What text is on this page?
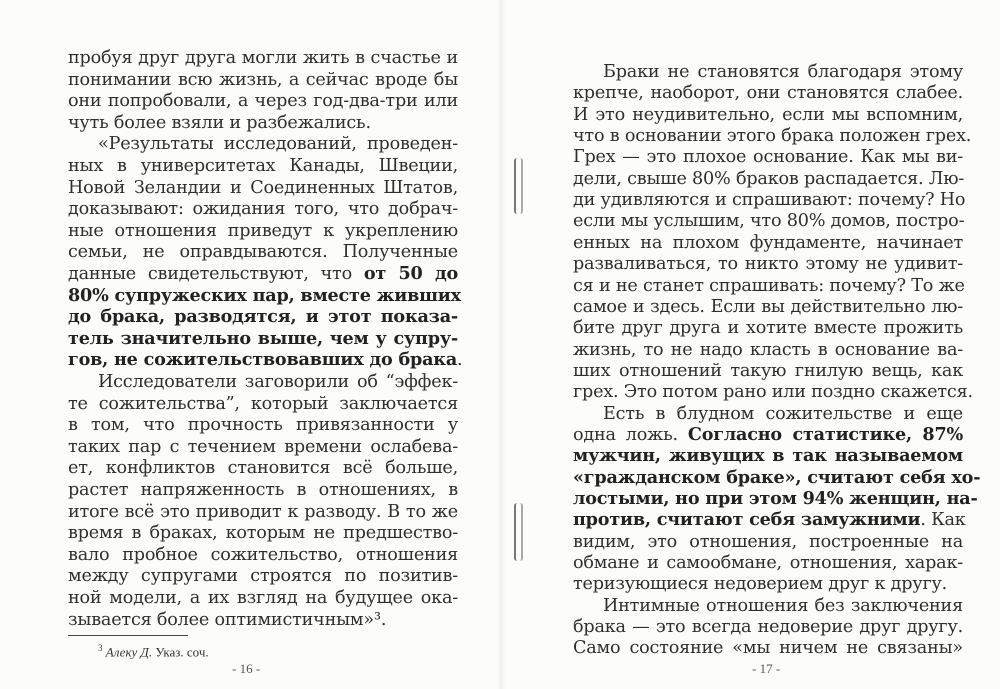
пробуя друг друга могли жить в счастье и
понимании всю жизнь, а сейчас вроде бы
они попробовали, а через год-два-три или
чуть более взяли и разбежались.
«Результаты исследований, проведен-
ных в университетах Канады, Швеции,
Новой Зеландии и Соединенных Штатов,
доказывают: ожидания того, что добрач-
ные отношения приведут к укреплению
семьи, не оправдываются. Полученные
данные свидетельствуют, что от 50 до
80% супружеских пар, вместе живших
до брака, разводятся, и этот показа-
тель значительно выше, чем у супру-
гов, не сожительствовавших до брака.
Исследователи заговорили об “эффек-
те сожительства”, который заключается
в том, что прочность привязанности у
таких пар с течением времени ослабева-
ет, конфликтов становится всё больше,
растет напряженность в отношениях, в
итоге всё это приводит к разводу. В то же
время в браках, которым не предшество-
вало пробное сожительство, отношения
между супругами строятся по позитив-
ной модели, а их взгляд на будущее ока-
зывается более оптимистичным»³.
$^3$ Алеку Д. Указ. соч.
- 16 -
Браки не становятся благодаря этому
крепче, наоборот, они становятся слабее.
И это неудивительно, если мы вспомним,
что в основании этого брака положен грех.
Грех — это плохое основание. Как мы ви-
дели, свыше 80% браков распадается. Лю-
ди удивляются и спрашивают: почему? Но
если мы услышим, что 80% домов, постро-
енных на плохом фундаменте, начинает
разваливаться, то никто этому не удивит-
ся и не станет спрашивать: почему? То же
самое и здесь. Если вы действительно лю-
бите друг друга и хотите вместе прожить
жизнь, то не надо класть в основание ва-
ших отношений такую гнилую вещь, как
грех. Это потом рано или поздно скажется.
Есть в блудном сожительстве и еще
одна ложь. Согласно статистике, 87%
мужчин, живущих в так называемом
«гражданском браке», считают себя хо-
лостыми, но при этом 94% женщин, на-
против, считают себя замужними. Как
видим, это отношения, построенные на
обмане и самообмане, отношения, харак-
теризующиеся недоверием друг к другу.
Интимные отношения без заключения
брака — это всегда недоверие друг другу.
Само состояние «мы ничем не связаны»
- 17 -
